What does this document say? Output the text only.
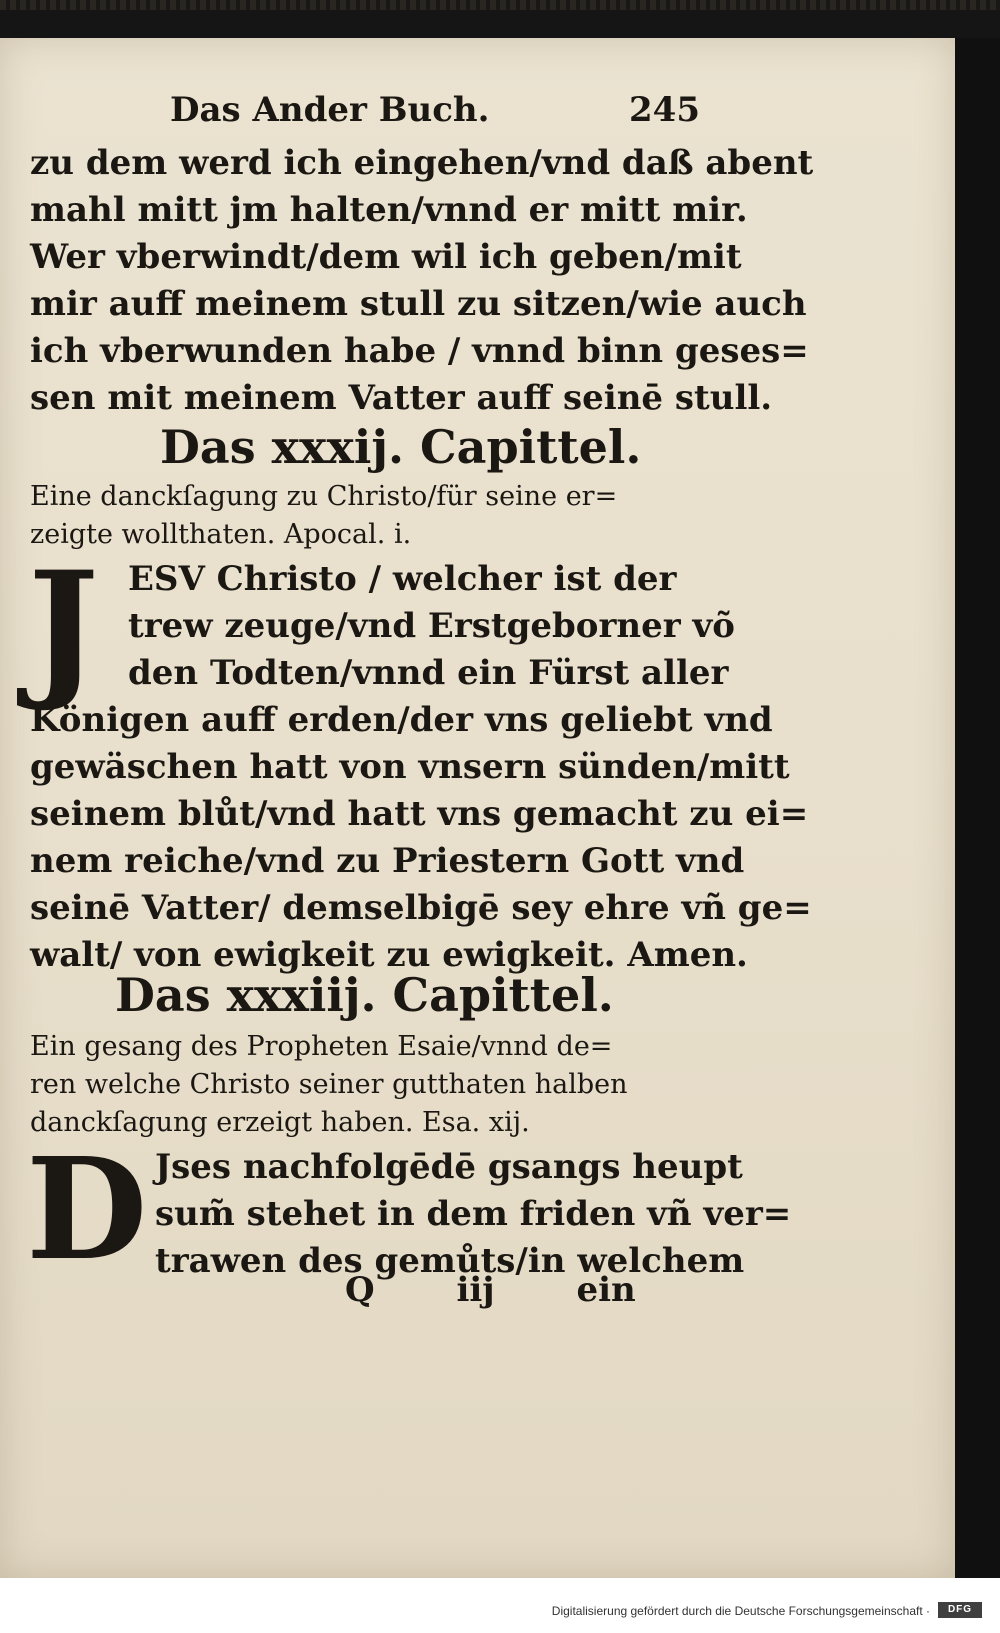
Das Ander Buch.	245
zu dem werd ich eingehen/vnd daß abent
mahl mitt jm halten/vnnd er mitt mir.
Wer vberwindt/dem wil ich geben/mit
mir auff meinem stull zu sitzen/wie auch
ich vberwunden habe / vnnd binn geses=
sen mit meinem Vatter auff seinē stull.
Das xxxij. Capittel.
Eine danckſagung zu Christo/für seine er=
zeigte wollthaten. Apocal. i.
J ESV Christo / welcher ist der
trew zeuge/vnd Erstgeborner võ
den Todten/vnnd ein Fürst aller
Königen auff erden/der vns geliebt vnd
gewäschen hatt von vnsern sünden/mitt
seinem blůt/vnd hatt vns gemacht zu ei=
nem reiche/vnd zu Priestern Gott vnd
seinē Vatter/ demselbigē sey ehre vñ ge=
walt/ von ewigkeit zu ewigkeit. Amen.
Das xxxiij. Capittel.
Ein gesang des Propheten Esaie/vnnd de=
ren welche Christo seiner gutthaten halben
danckſagung erzeigt haben. Esa. xij.
D Jses nachfolgēdē gsangs heupt
sum̃ stehet in dem friden vñ ver=
trawen des gemůts/in welchem
Q iij ein
Digitalisierung gefördert durch die Deutsche Forschungsgemeinschaft ·	DFG
